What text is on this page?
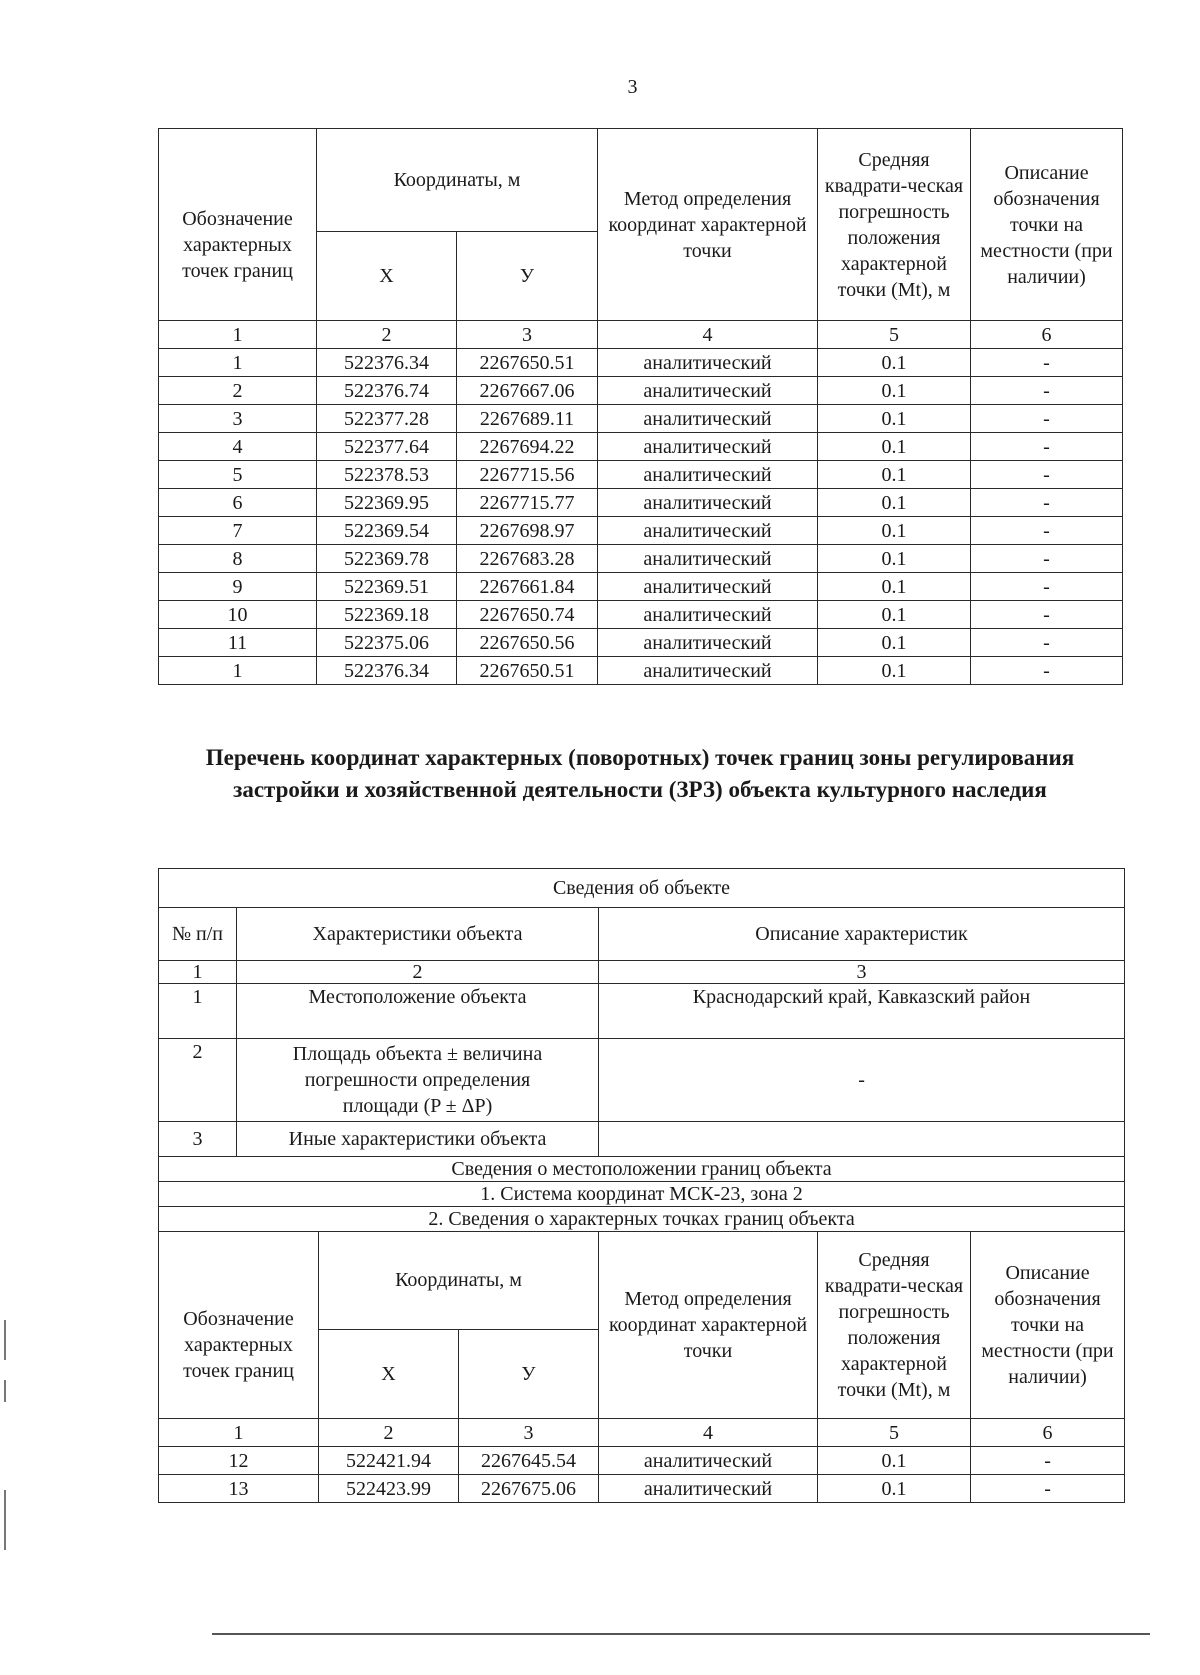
3
Обозначение характерных точек границ	Координаты, м		Метод определения координат характерной точки	Средняя квадрати-ческая погрешность положения характерной точки (Mt), м	Описание обозначения точки на местности (при наличии)
	Х	У			
1	2	3	4	5	6
1	522376.34	2267650.51	аналитический	0.1	-
2	522376.74	2267667.06	аналитический	0.1	-
3	522377.28	2267689.11	аналитический	0.1	-
4	522377.64	2267694.22	аналитический	0.1	-
5	522378.53	2267715.56	аналитический	0.1	-
6	522369.95	2267715.77	аналитический	0.1	-
7	522369.54	2267698.97	аналитический	0.1	-
8	522369.78	2267683.28	аналитический	0.1	-
9	522369.51	2267661.84	аналитический	0.1	-
10	522369.18	2267650.74	аналитический	0.1	-
11	522375.06	2267650.56	аналитический	0.1	-
1	522376.34	2267650.51	аналитический	0.1	-
Перечень координат характерных (поворотных) точек границ зоны регулирования застройки и хозяйственной деятельности (ЗРЗ) объекта культурного наследия
Сведения об объекте						
№ п/п	Характеристики объекта			Описание характеристик		
1	2			3		
1	Местоположение объекта			Краснодарский край, Кавказский район		
2	Площадь объекта ± величина погрешности определения площади (P ± ΔP)			-		
3	Иные характеристики объекта					
Сведения о местоположении границ объекта						
1. Система координат МСК-23, зона 2						
2. Сведения о характерных точках границ объекта						
Обозначение характерных точек границ		Координаты, м		Метод определения координат характерной точки	Средняя квадрати-ческая погрешность положения характерной точки (Mt), м	Описание обозначения точки на местности (при наличии)
		Х	У			
1		2	3	4	5	6
12		522421.94	2267645.54	аналитический	0.1	-
13		522423.99	2267675.06	аналитический	0.1	-
